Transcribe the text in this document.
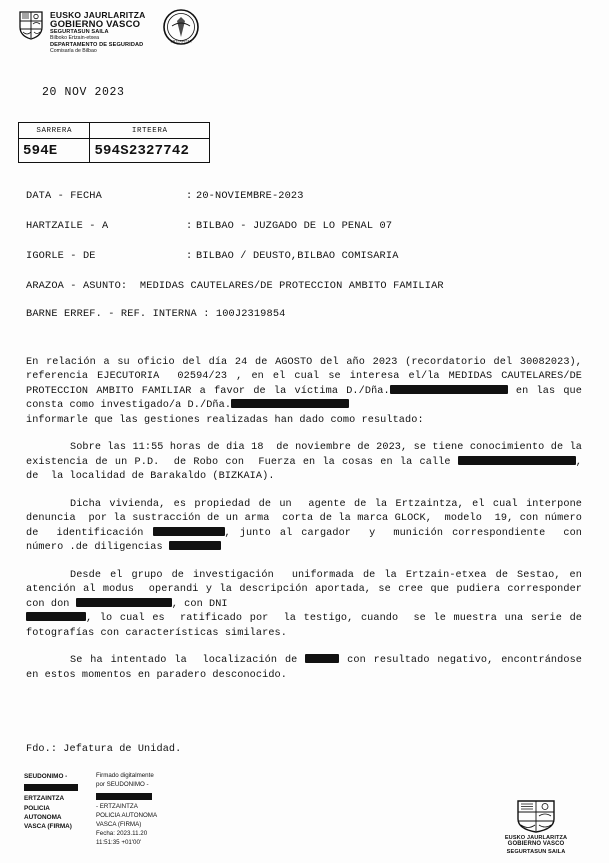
EUSKO JAURLARITZA
GOBIERNO VASCO
SEGURTASUN SAILA
Bilboko Ertzain-etxea
DEPARTAMENTO DE SEGURIDAD
Comisaría de Bilbao
ERTZAINTZA
20 NOV 2023
SARRERA	IRTEERA
594E	594S2327742
DATA - FECHA	: 20-NOVIEMBRE-2023
HARTZAILE - A	: BILBAO - JUZGADO DE LO PENAL 07
IGORLE - DE	: BILBAO / DEUSTO,BILBAO COMISARIA
ARAZOA - ASUNTO:  MEDIDAS CAUTELARES/DE PROTECCION AMBITO FAMILIAR
BARNE ERREF. - REF. INTERNA : 100J2319854
En relación a su oficio del día 24 de AGOSTO del año 2023 (recordatorio del 30082023), referencia EJECUTORIA  02594/23 , en el cual se interesa el/la MEDIDAS CAUTELARES/DE PROTECCION AMBITO FAMILIAR a favor de la víctima D./Dña.	en las que consta como investigado/a D./Dña.
informarle que las gestiones realizadas han dado como resultado:
Sobre las 11:55 horas de dia 18  de noviembre de 2023, se tiene conocimiento de la  existencia de un P.D.  de Robo con  Fuerza en la cosas en la calle	, de  la localidad de Barakaldo (BIZKAIA).
Dicha vivienda, es propiedad de un  agente de la Ertzaintza, el cual interpone denuncia  por la sustracción de un arma  corta de la marca GLOCK,  modelo  19, con número de  identificación	, junto al cargador  y  munición correspondiente  con número .de diligencias
Desde el grupo de investigación  uniformada de la Ertzain-etxea de Sestao, en atención al modus  operandi y la descripción aportada, se cree que pudiera corresponder con don	, con DNI
, lo cual es  ratificado por  la testigo, cuando  se le muestra una serie de fotografías con características similares.
Se ha intentado la  localización de	con resultado negativo, encontrándose en estos momentos en paradero desconocido.
Fdo.: Jefatura de Unidad.
SEUDONIMO -
ERTZAINTZA
POLICIA
AUTONOMA
VASCA (FIRMA)
Firmado digitalmente
por SEUDONIMO -
- ERTZAINTZA
POLICIA AUTONOMA
VASCA (FIRMA)
Fecha: 2023.11.20
11:51:35 +01'00'
EUSKO JAURLARITZA
GOBIERNO VASCO
SEGURTASUN SAILA
